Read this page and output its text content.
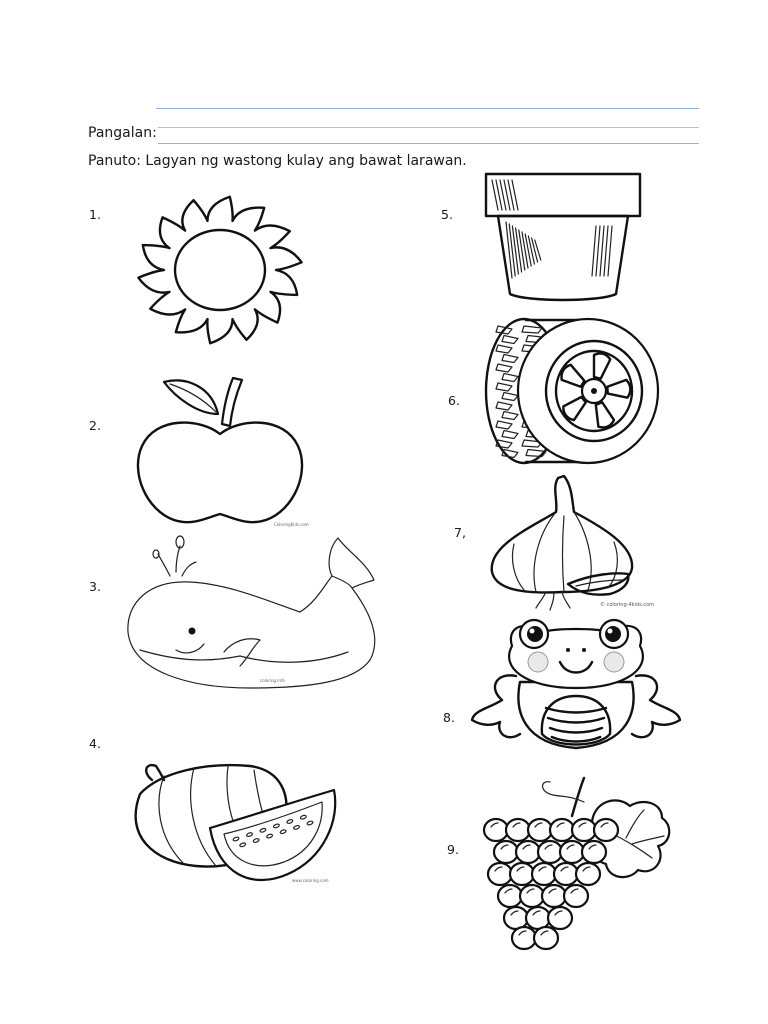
Pangalan:
Panuto: Lagyan ng wastong kulay ang bawat larawan.
1.
2.
3.
4.
5.
6.
7,
8.
9.
ColoringKids.com
coloring.info
www.coloring.com
© coloring-4kids.com
